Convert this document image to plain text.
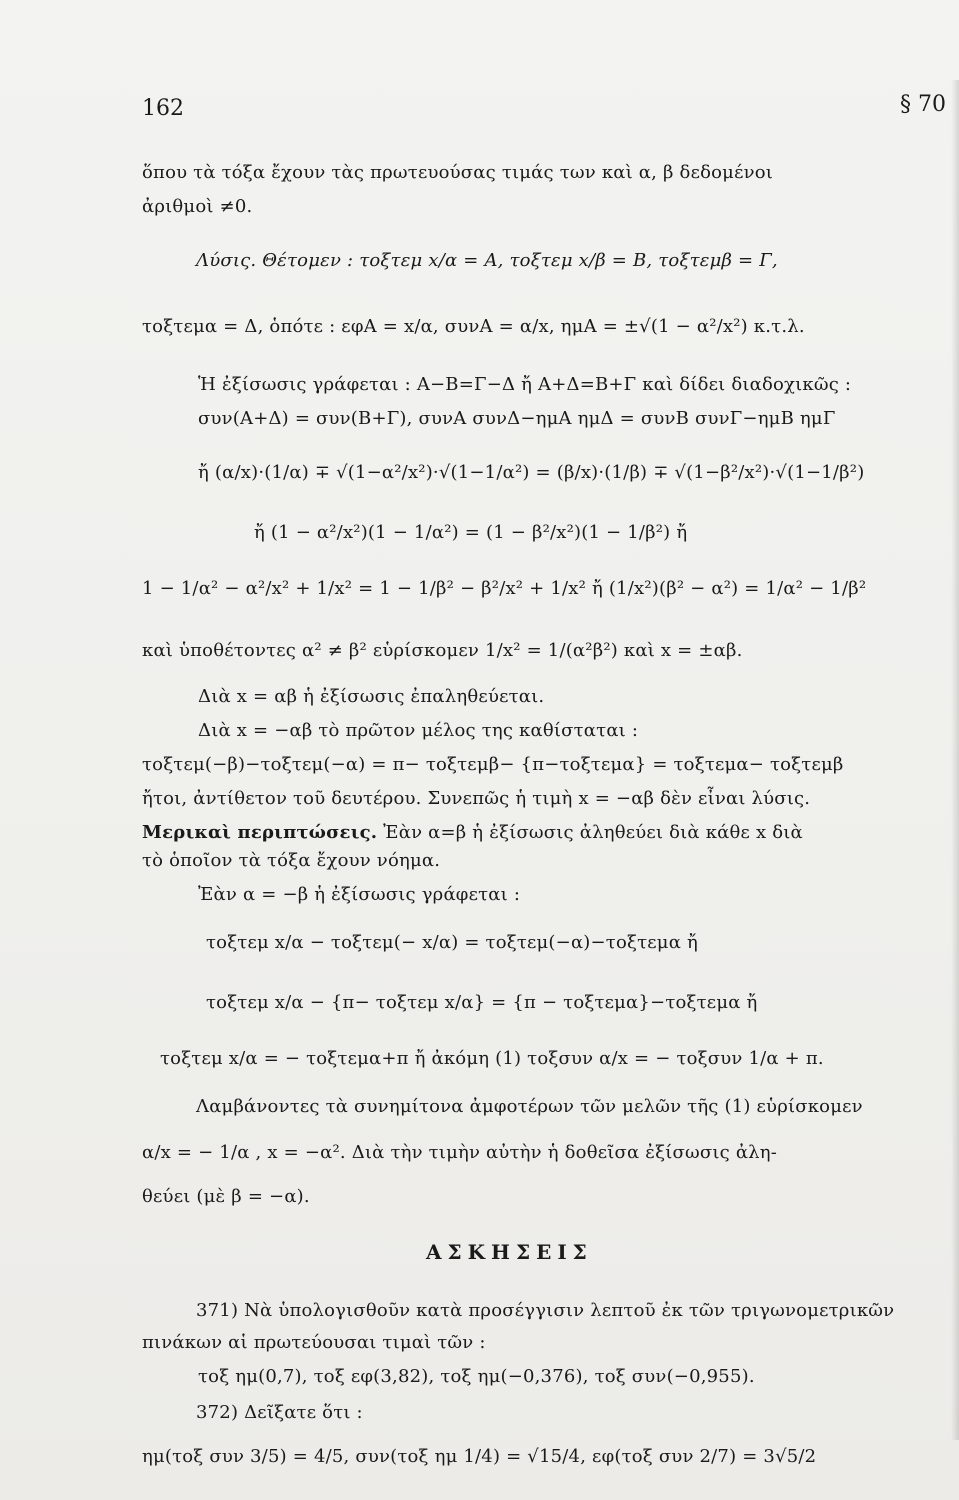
162	§ 70
ὅπου τὰ τόξα ἔχουν τὰς πρωτευούσας τιμάς των καὶ α, β δεδομένοι
ἀριθμοὶ ≠0.
Λύσις. Θέτομεν : τοξτεμ x/α = A, τοξτεμ x/β = B, τοξτεμβ = Γ,
τοξτεμα = Δ, ὁπότε : εφA = x/α, συνA = α/x, ημA = ±√(1 − α²/x²) κ.τ.λ.
Ἡ ἐξίσωσις γράφεται : A−B=Γ−Δ ἤ A+Δ=B+Γ καὶ δίδει διαδοχικῶς :
συν(A+Δ) = συν(B+Γ), συνA συνΔ−ημA ημΔ = συνB συνΓ−ημB ημΓ
ἤ (α/x)·(1/α) ∓ √(1−α²/x²)·√(1−1/α²) = (β/x)·(1/β) ∓ √(1−β²/x²)·√(1−1/β²)
ἤ (1 − α²/x²)(1 − 1/α²) = (1 − β²/x²)(1 − 1/β²) ἤ
1 − 1/α² − α²/x² + 1/x² = 1 − 1/β² − β²/x² + 1/x² ἤ (1/x²)(β² − α²) = 1/α² − 1/β²
καὶ ὑποθέτοντες α² ≠ β² εὑρίσκομεν 1/x² = 1/(α²β²) καὶ x = ±αβ.
Διὰ x = αβ ἡ ἐξίσωσις ἐπαληθεύεται.
Διὰ x = −αβ τὸ πρῶτον μέλος της καθίσταται :
τοξτεμ(−β)−τοξτεμ(−α) = π− τοξτεμβ− {π−τοξτεμα} = τοξτεμα− τοξτεμβ
ἤτοι, ἀντίθετον τοῦ δευτέρου. Συνεπῶς ἡ τιμὴ x = −αβ δὲν εἶναι λύσις.
Μερικαὶ περιπτώσεις. Ἐὰν α=β ἡ ἐξίσωσις ἀληθεύει διὰ κάθε x διὰ
τὸ ὁποῖον τὰ τόξα ἔχουν νόημα.
Ἐὰν α = −β ἡ ἐξίσωσις γράφεται :
τοξτεμ x/α − τοξτεμ(− x/α) = τοξτεμ(−α)−τοξτεμα ἤ
τοξτεμ x/α − {π− τοξτεμ x/α} = {π − τοξτεμα}−τοξτεμα ἤ
τοξτεμ x/α = − τοξτεμα+π ἤ ἀκόμη (1) τοξσυν α/x = − τοξσυν 1/α + π.
Λαμβάνοντες τὰ συνημίτονα ἀμφοτέρων τῶν μελῶν τῆς (1) εὑρίσκομεν
α/x = − 1/α , x = −α². Διὰ τὴν τιμὴν αὐτὴν ἡ δοθεῖσα ἐξίσωσις ἀλη-
θεύει (μὲ β = −α).
ΑΣΚΗΣΕΙΣ
371) Νὰ ὑπολογισθοῦν κατὰ προσέγγισιν λεπτοῦ ἐκ τῶν τριγωνομετρικῶν
πινάκων αἱ πρωτεύουσαι τιμαὶ τῶν :
τοξ ημ(0,7), τοξ εφ(3,82), τοξ ημ(−0,376), τοξ συν(−0,955).
372) Δεῖξατε ὅτι :
ημ(τοξ συν 3/5) = 4/5, συν(τοξ ημ 1/4) = √15/4, εφ(τοξ συν 2/7) = 3√5/2
